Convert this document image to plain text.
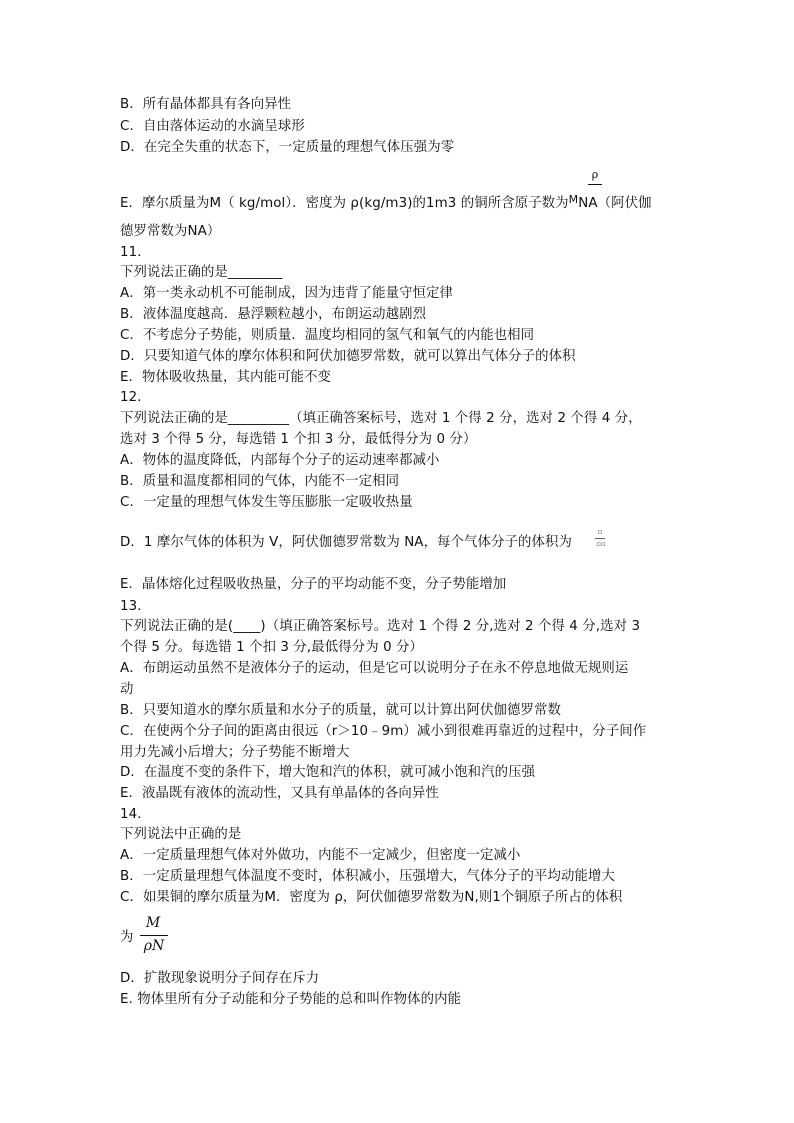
B．所有晶体都具有各向异性
C．自由落体运动的水滴呈球形
D．在完全失重的状态下，一定质量的理想气体压强为零
ρ
E．摩尔质量为M（ kg/mol）．密度为 ρ(kg/m3)的1m3 的铜所含原子数为$^M$NA（阿伏伽
德罗常数为NA）
11．
下列说法正确的是________
A．第一类永动机不可能制成，因为违背了能量守恒定律
B．液体温度越高．悬浮颗粒越小，布朗运动越剧烈
C．不考虑分子势能，则质量．温度均相同的氢气和氧气的内能也相同
D．只要知道气体的摩尔体积和阿伏加德罗常数，就可以算出气体分子的体积
E．物体吸收热量，其内能可能不变
12．
下列说法正确的是_________（填正确答案标号，选对 1 个得 2 分，选对 2 个得 4 分，
选对 3 个得 5 分，每选错 1 个扣 3 分，最低得分为 0 分）
A．物体的温度降低，内部每个分子的运动速率都减小
B．质量和温度都相同的气体，内能不一定相同
C．一定量的理想气体发生等压膨胀一定吸收热量
D．1 摩尔气体的体积为 V，阿伏伽德罗常数为 NA，每个气体分子的体积为
▫
▫▫
E．晶体熔化过程吸收热量，分子的平均动能不变，分子势能增加
13．
下列说法正确的是(____)（填正确答案标号。选对 1 个得 2 分,选对 2 个得 4 分,选对 3
个得 5 分。每选错 1 个扣 3 分,最低得分为 0 分）
A．布朗运动虽然不是液体分子的运动，但是它可以说明分子在永不停息地做无规则运
动
B．只要知道水的摩尔质量和水分子的质量，就可以计算出阿伏伽德罗常数
C．在使两个分子间的距离由很远（r＞10﹣9m）减小到很难再靠近的过程中，分子间作
用力先减小后增大；分子势能不断增大
D．在温度不变的条件下，增大饱和汽的体积，就可减小饱和汽的压强
E．液晶既有液体的流动性，又具有单晶体的各向异性
14．
下列说法中正确的是
A．一定质量理想气体对外做功，内能不一定减少，但密度一定减小
B．一定质量理想气体温度不变时，体积减小，压强增大，气体分子的平均动能增大
C．如果铜的摩尔质量为M．密度为 ρ，阿伏伽德罗常数为N,则1个铜原子所占的体积
为
M
ρN
D．扩散现象说明分子间存在斥力
E. 物体里所有分子动能和分子势能的总和叫作物体的内能
